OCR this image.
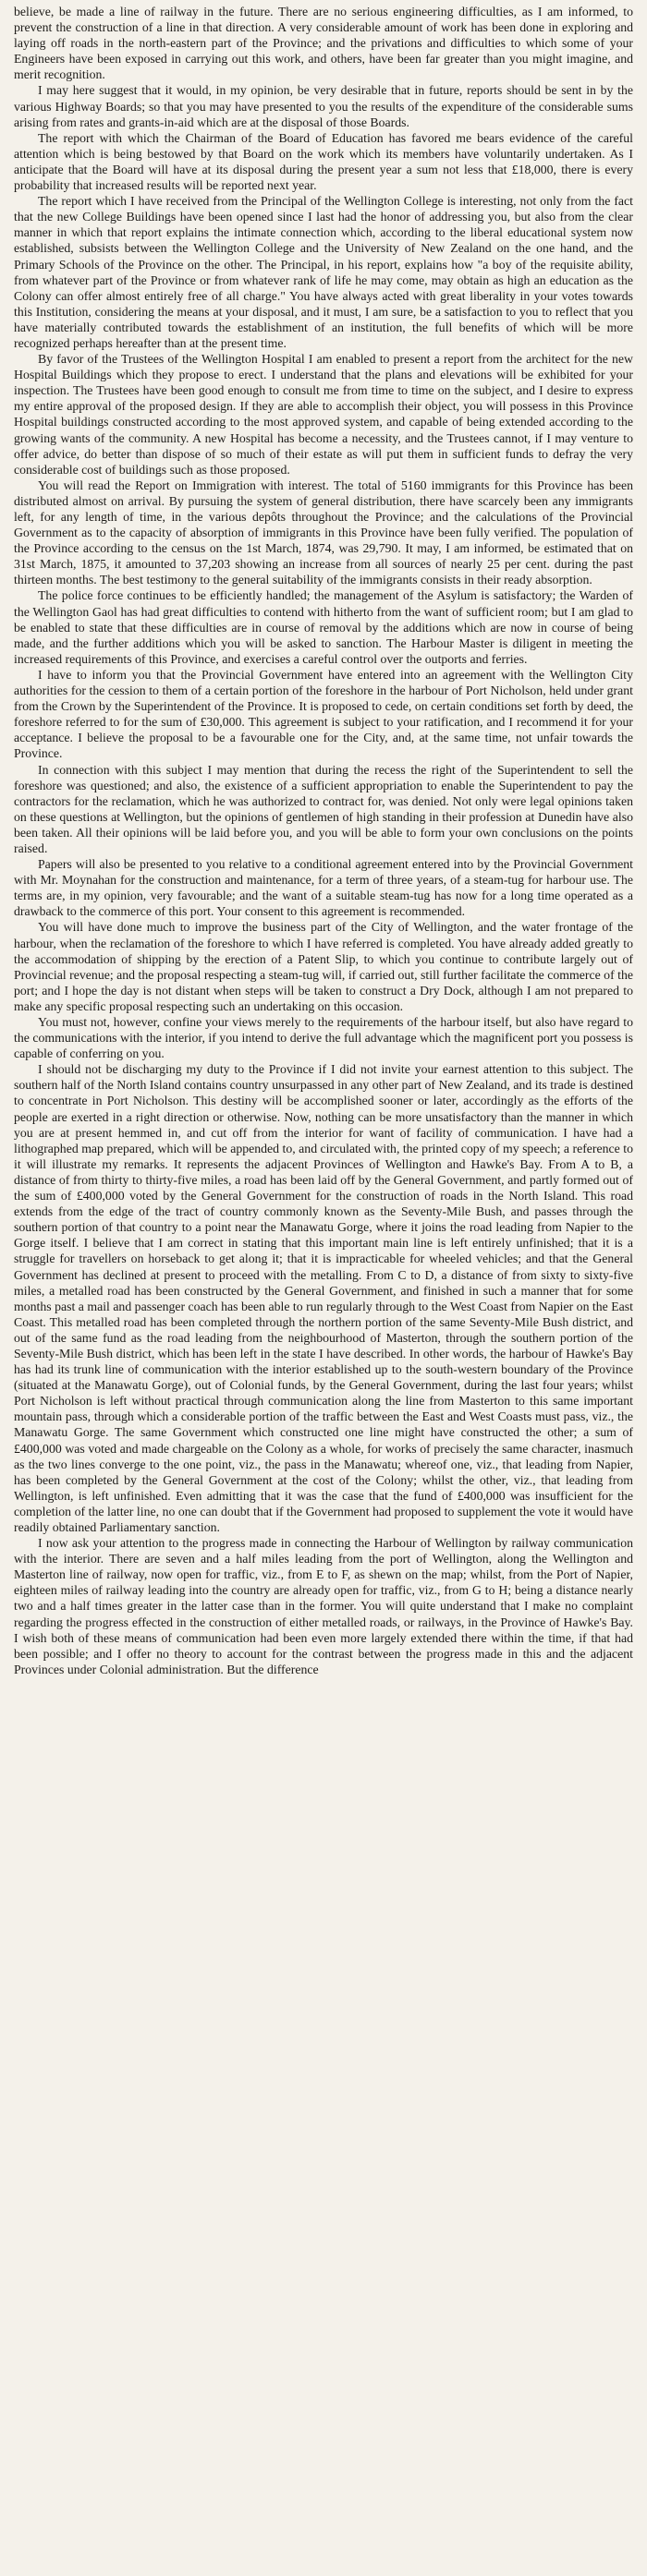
believe, be made a line of railway in the future. There are no serious engineering difficulties, as I am informed, to prevent the construction of a line in that direction. A very considerable amount of work has been done in exploring and laying off roads in the north-eastern part of the Province; and the privations and difficulties to which some of your Engineers have been exposed in carrying out this work, and others, have been far greater than you might imagine, and merit recognition.

I may here suggest that it would, in my opinion, be very desirable that in future, reports should be sent in by the various Highway Boards; so that you may have presented to you the results of the expenditure of the considerable sums arising from rates and grants-in-aid which are at the disposal of those Boards.

The report with which the Chairman of the Board of Education has favored me bears evidence of the careful attention which is being bestowed by that Board on the work which its members have voluntarily undertaken. As I anticipate that the Board will have at its disposal during the present year a sum not less that £18,000, there is every probability that increased results will be reported next year.

The report which I have received from the Principal of the Wellington College is interesting, not only from the fact that the new College Buildings have been opened since I last had the honor of addressing you, but also from the clear manner in which that report explains the intimate connection which, according to the liberal educational system now established, subsists between the Wellington College and the University of New Zealand on the one hand, and the Primary Schools of the Province on the other. The Principal, in his report, explains how "a boy of the requisite ability, from whatever part of the Province or from whatever rank of life he may come, may obtain as high an education as the Colony can offer almost entirely free of all charge." You have always acted with great liberality in your votes towards this Institution, considering the means at your disposal, and it must, I am sure, be a satisfaction to you to reflect that you have materially contributed towards the establishment of an institution, the full benefits of which will be more recognized perhaps hereafter than at the present time.

By favor of the Trustees of the Wellington Hospital I am enabled to present a report from the architect for the new Hospital Buildings which they propose to erect. I understand that the plans and elevations will be exhibited for your inspection. The Trustees have been good enough to consult me from time to time on the subject, and I desire to express my entire approval of the proposed design. If they are able to accomplish their object, you will possess in this Province Hospital buildings constructed according to the most approved system, and capable of being extended according to the growing wants of the community. A new Hospital has become a necessity, and the Trustees cannot, if I may venture to offer advice, do better than dispose of so much of their estate as will put them in sufficient funds to defray the very considerable cost of buildings such as those proposed.

You will read the Report on Immigration with interest. The total of 5160 immigrants for this Province has been distributed almost on arrival. By pursuing the system of general distribution, there have scarcely been any immigrants left, for any length of time, in the various depôts throughout the Province; and the calculations of the Provincial Government as to the capacity of absorption of immigrants in this Province have been fully verified. The population of the Province according to the census on the 1st March, 1874, was 29,790. It may, I am informed, be estimated that on 31st March, 1875, it amounted to 37,203 showing an increase from all sources of nearly 25 per cent. during the past thirteen months. The best testimony to the general suitability of the immigrants consists in their ready absorption.

The police force continues to be efficiently handled; the management of the Asylum is satisfactory; the Warden of the Wellington Gaol has had great difficulties to contend with hitherto from the want of sufficient room; but I am glad to be enabled to state that these difficulties are in course of removal by the additions which are now in course of being made, and the further additions which you will be asked to sanction. The Harbour Master is diligent in meeting the increased requirements of this Province, and exercises a careful control over the outports and ferries.

I have to inform you that the Provincial Government have entered into an agreement with the Wellington City authorities for the cession to them of a certain portion of the foreshore in the harbour of Port Nicholson, held under grant from the Crown by the Superintendent of the Province. It is proposed to cede, on certain conditions set forth by deed, the foreshore referred to for the sum of £30,000. This agreement is subject to your ratification, and I recommend it for your acceptance. I believe the proposal to be a favourable one for the City, and, at the same time, not unfair towards the Province.

In connection with this subject I may mention that during the recess the right of the Superintendent to sell the foreshore was questioned; and also, the existence of a sufficient appropriation to enable the Superintendent to pay the contractors for the reclamation, which he was authorized to contract for, was denied. Not only were legal opinions taken on these questions at Wellington, but the opinions of gentlemen of high standing in their profession at Dunedin have also been taken. All their opinions will be laid before you, and you will be able to form your own conclusions on the points raised.

Papers will also be presented to you relative to a conditional agreement entered into by the Provincial Government with Mr. Moynahan for the construction and maintenance, for a term of three years, of a steam-tug for harbour use. The terms are, in my opinion, very favourable; and the want of a suitable steam-tug has now for a long time operated as a drawback to the commerce of this port. Your consent to this agreement is recommended.

You will have done much to improve the business part of the City of Wellington, and the water frontage of the harbour, when the reclamation of the foreshore to which I have referred is completed. You have already added greatly to the accommodation of shipping by the erection of a Patent Slip, to which you continue to contribute largely out of Provincial revenue; and the proposal respecting a steam-tug will, if carried out, still further facilitate the commerce of the port; and I hope the day is not distant when steps will be taken to construct a Dry Dock, although I am not prepared to make any specific proposal respecting such an undertaking on this occasion.

You must not, however, confine your views merely to the requirements of the harbour itself, but also have regard to the communications with the interior, if you intend to derive the full advantage which the magnificent port you possess is capable of conferring on you.

I should not be discharging my duty to the Province if I did not invite your earnest attention to this subject. The southern half of the North Island contains country unsurpassed in any other part of New Zealand, and its trade is destined to concentrate in Port Nicholson. This destiny will be accomplished sooner or later, accordingly as the efforts of the people are exerted in a right direction or otherwise. Now, nothing can be more unsatisfactory than the manner in which you are at present hemmed in, and cut off from the interior for want of facility of communication. I have had a lithographed map prepared, which will be appended to, and circulated with, the printed copy of my speech; a reference to it will illustrate my remarks. It represents the adjacent Provinces of Wellington and Hawke's Bay. From A to B, a distance of from thirty to thirty-five miles, a road has been laid off by the General Government, and partly formed out of the sum of £400,000 voted by the General Government for the construction of roads in the North Island. This road extends from the edge of the tract of country commonly known as the Seventy-Mile Bush, and passes through the southern portion of that country to a point near the Manawatu Gorge, where it joins the road leading from Napier to the Gorge itself. I believe that I am correct in stating that this important main line is left entirely unfinished; that it is a struggle for travellers on horseback to get along it; that it is impracticable for wheeled vehicles; and that the General Government has declined at present to proceed with the metalling. From C to D, a distance of from sixty to sixty-five miles, a metalled road has been constructed by the General Government, and finished in such a manner that for some months past a mail and passenger coach has been able to run regularly through to the West Coast from Napier on the East Coast. This metalled road has been completed through the northern portion of the same Seventy-Mile Bush district, and out of the same fund as the road leading from the neighbourhood of Masterton, through the southern portion of the Seventy-Mile Bush district, which has been left in the state I have described. In other words, the harbour of Hawke's Bay has had its trunk line of communication with the interior established up to the south-western boundary of the Province (situated at the Manawatu Gorge), out of Colonial funds, by the General Government, during the last four years; whilst Port Nicholson is left without practical through communication along the line from Masterton to this same important mountain pass, through which a considerable portion of the traffic between the East and West Coasts must pass, viz., the Manawatu Gorge. The same Government which constructed one line might have constructed the other; a sum of £400,000 was voted and made chargeable on the Colony as a whole, for works of precisely the same character, inasmuch as the two lines converge to the one point, viz., the pass in the Manawatu; whereof one, viz., that leading from Napier, has been completed by the General Government at the cost of the Colony; whilst the other, viz., that leading from Wellington, is left unfinished. Even admitting that it was the case that the fund of £400,000 was insufficient for the completion of the latter line, no one can doubt that if the Government had proposed to supplement the vote it would have readily obtained Parliamentary sanction.

I now ask your attention to the progress made in connecting the Harbour of Wellington by railway communication with the interior. There are seven and a half miles leading from the port of Wellington, along the Wellington and Masterton line of railway, now open for traffic, viz., from E to F, as shewn on the map; whilst, from the Port of Napier, eighteen miles of railway leading into the country are already open for traffic, viz., from G to H; being a distance nearly two and a half times greater in the latter case than in the former. You will quite understand that I make no complaint regarding the progress effected in the construction of either metalled roads, or railways, in the Province of Hawke's Bay. I wish both of these means of communication had been even more largely extended there within the time, if that had been possible; and I offer no theory to account for the contrast between the progress made in this and the adjacent Provinces under Colonial administration. But the difference
